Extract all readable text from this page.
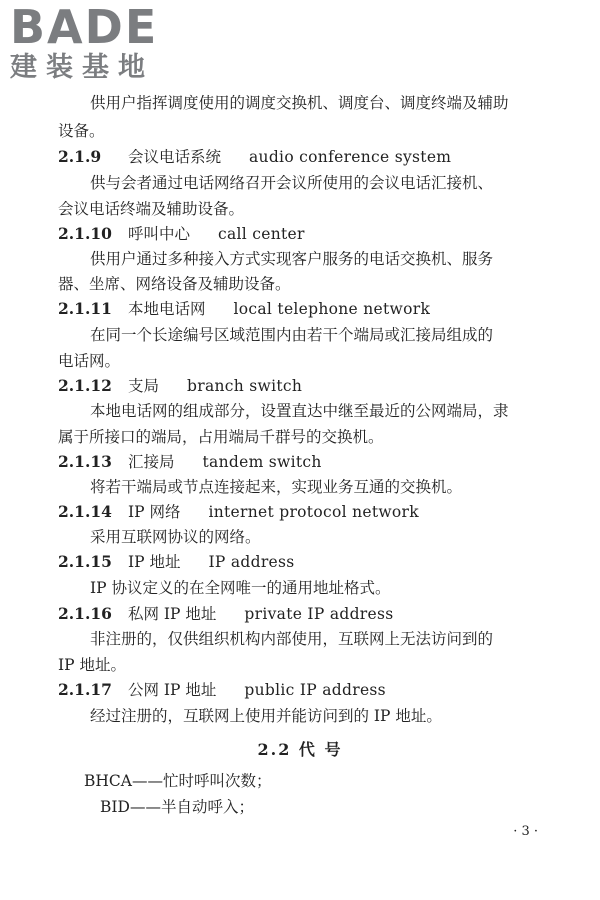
BADE
建装基地
供用户指挥调度使用的调度交换机、调度台、调度终端及辅助
设备。
2.1.9 会议电话系统 audio conference system
供与会者通过电话网络召开会议所使用的会议电话汇接机、
会议电话终端及辅助设备。
2.1.10 呼叫中心 call center
供用户通过多种接入方式实现客户服务的电话交换机、服务
器、坐席、网络设备及辅助设备。
2.1.11 本地电话网 local telephone network
在同一个长途编号区域范围内由若干个端局或汇接局组成的
电话网。
2.1.12 支局 branch switch
本地电话网的组成部分，设置直达中继至最近的公网端局，隶
属于所接口的端局，占用端局千群号的交换机。
2.1.13 汇接局 tandem switch
将若干端局或节点连接起来，实现业务互通的交换机。
2.1.14 IP 网络 internet protocol network
采用互联网协议的网络。
2.1.15 IP 地址 IP address
IP 协议定义的在全网唯一的通用地址格式。
2.1.16 私网 IP 地址 private IP address
非注册的，仅供组织机构内部使用，互联网上无法访问到的
IP 地址。
2.1.17 公网 IP 地址 public IP address
经过注册的，互联网上使用并能访问到的 IP 地址。
2.2 代 号
BHCA——忙时呼叫次数；
BID——半自动呼入；
· 3 ·
